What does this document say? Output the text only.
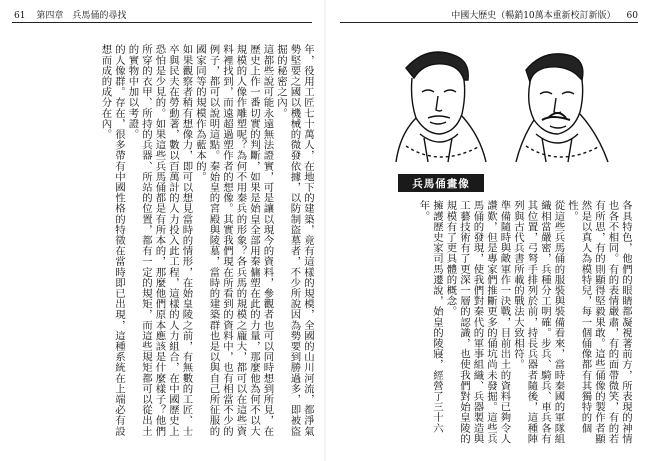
61 第四章　兵馬俑的尋找	中國大歷史（暢銷10萬本重新校訂新版） 60
年，役用工匠七十萬人，在地下的建築，竟有這樣的規模，全國的山川河流，都淨氣勢堅要之國以機械的微發依據，以防制盜墓者，不少所說因為勢要到勝過多，即被盜掘的秘密之內。
這都些說可能永遠無法證實，可是讓以現今的資料，參觀者也可以同時想到所見，在歷史上作一番切實的判斷，如果是始皇全部用秦傭塑在此的力量，那麼他為何不以大規模的人像作雕塑呢？為何不用秦兵的形象？各兵馬的規模之龐大，都可以在這些資料裡找到，而遠超過塑作者的想像。其實我們現在所看到的資料中，也有相當不少的例子，都可以說明這點。秦始皇的宮殿與陵墓，當時的建築群也是以與自己所征服的國家同等的規模作為藍本的。
如果觀察者稍有想像力，即可以想見當時的情形，在始皇陵之前，有無數的工匠、士卒與民夫在勞動著，數以百萬計的人力投入此工程，這樣的人力組合，在中國歷史上恐怕是少見的。如果這些兵馬俑都是有所本的，那麼他們原本應該是什麼樣子？他們所穿的衣甲、所持的兵器、所站的位置，都有一定的規矩，而這些規矩都可以從出土的實物中加以考證。
的人像群。存在，很多帶有中國性格的特徵在當時即已出現，這種系統在上端必有設想而成的成分在內。
兵馬俑畫像
各具特色，他們的眼睛都凝視著前方，所表現的神情也各不相同。有的表情嚴肅，有的面帶微笑，有的若有所思，有的則顯得堅毅果敢。這些俑像的製作者顯然是以真人為模特兒，每一個俑像都有其獨特的個性。
從這些兵馬俑的服裝與裝備看來，當時秦國的軍隊組織相當嚴密，兵種分工明確。步兵、騎兵、車兵各有其位置，弓弩手排列於前，持長兵器者隨後，這種陣列與古代兵書所載的戰法大致相符。
準備隨時與敵軍作一決戰，目前出土的資料已夠令人讚歎，但是專家們推斷更多的俑坑尚未發掘。這些兵馬俑的發現，使我們對秦代的軍事組織、兵器製造與工藝技術有了更深一層的認識，也使我們對始皇陵的規模有了更具體的概念。
擁護歷史家司馬遷說，始皇的陵寢，經營了三十六年。
